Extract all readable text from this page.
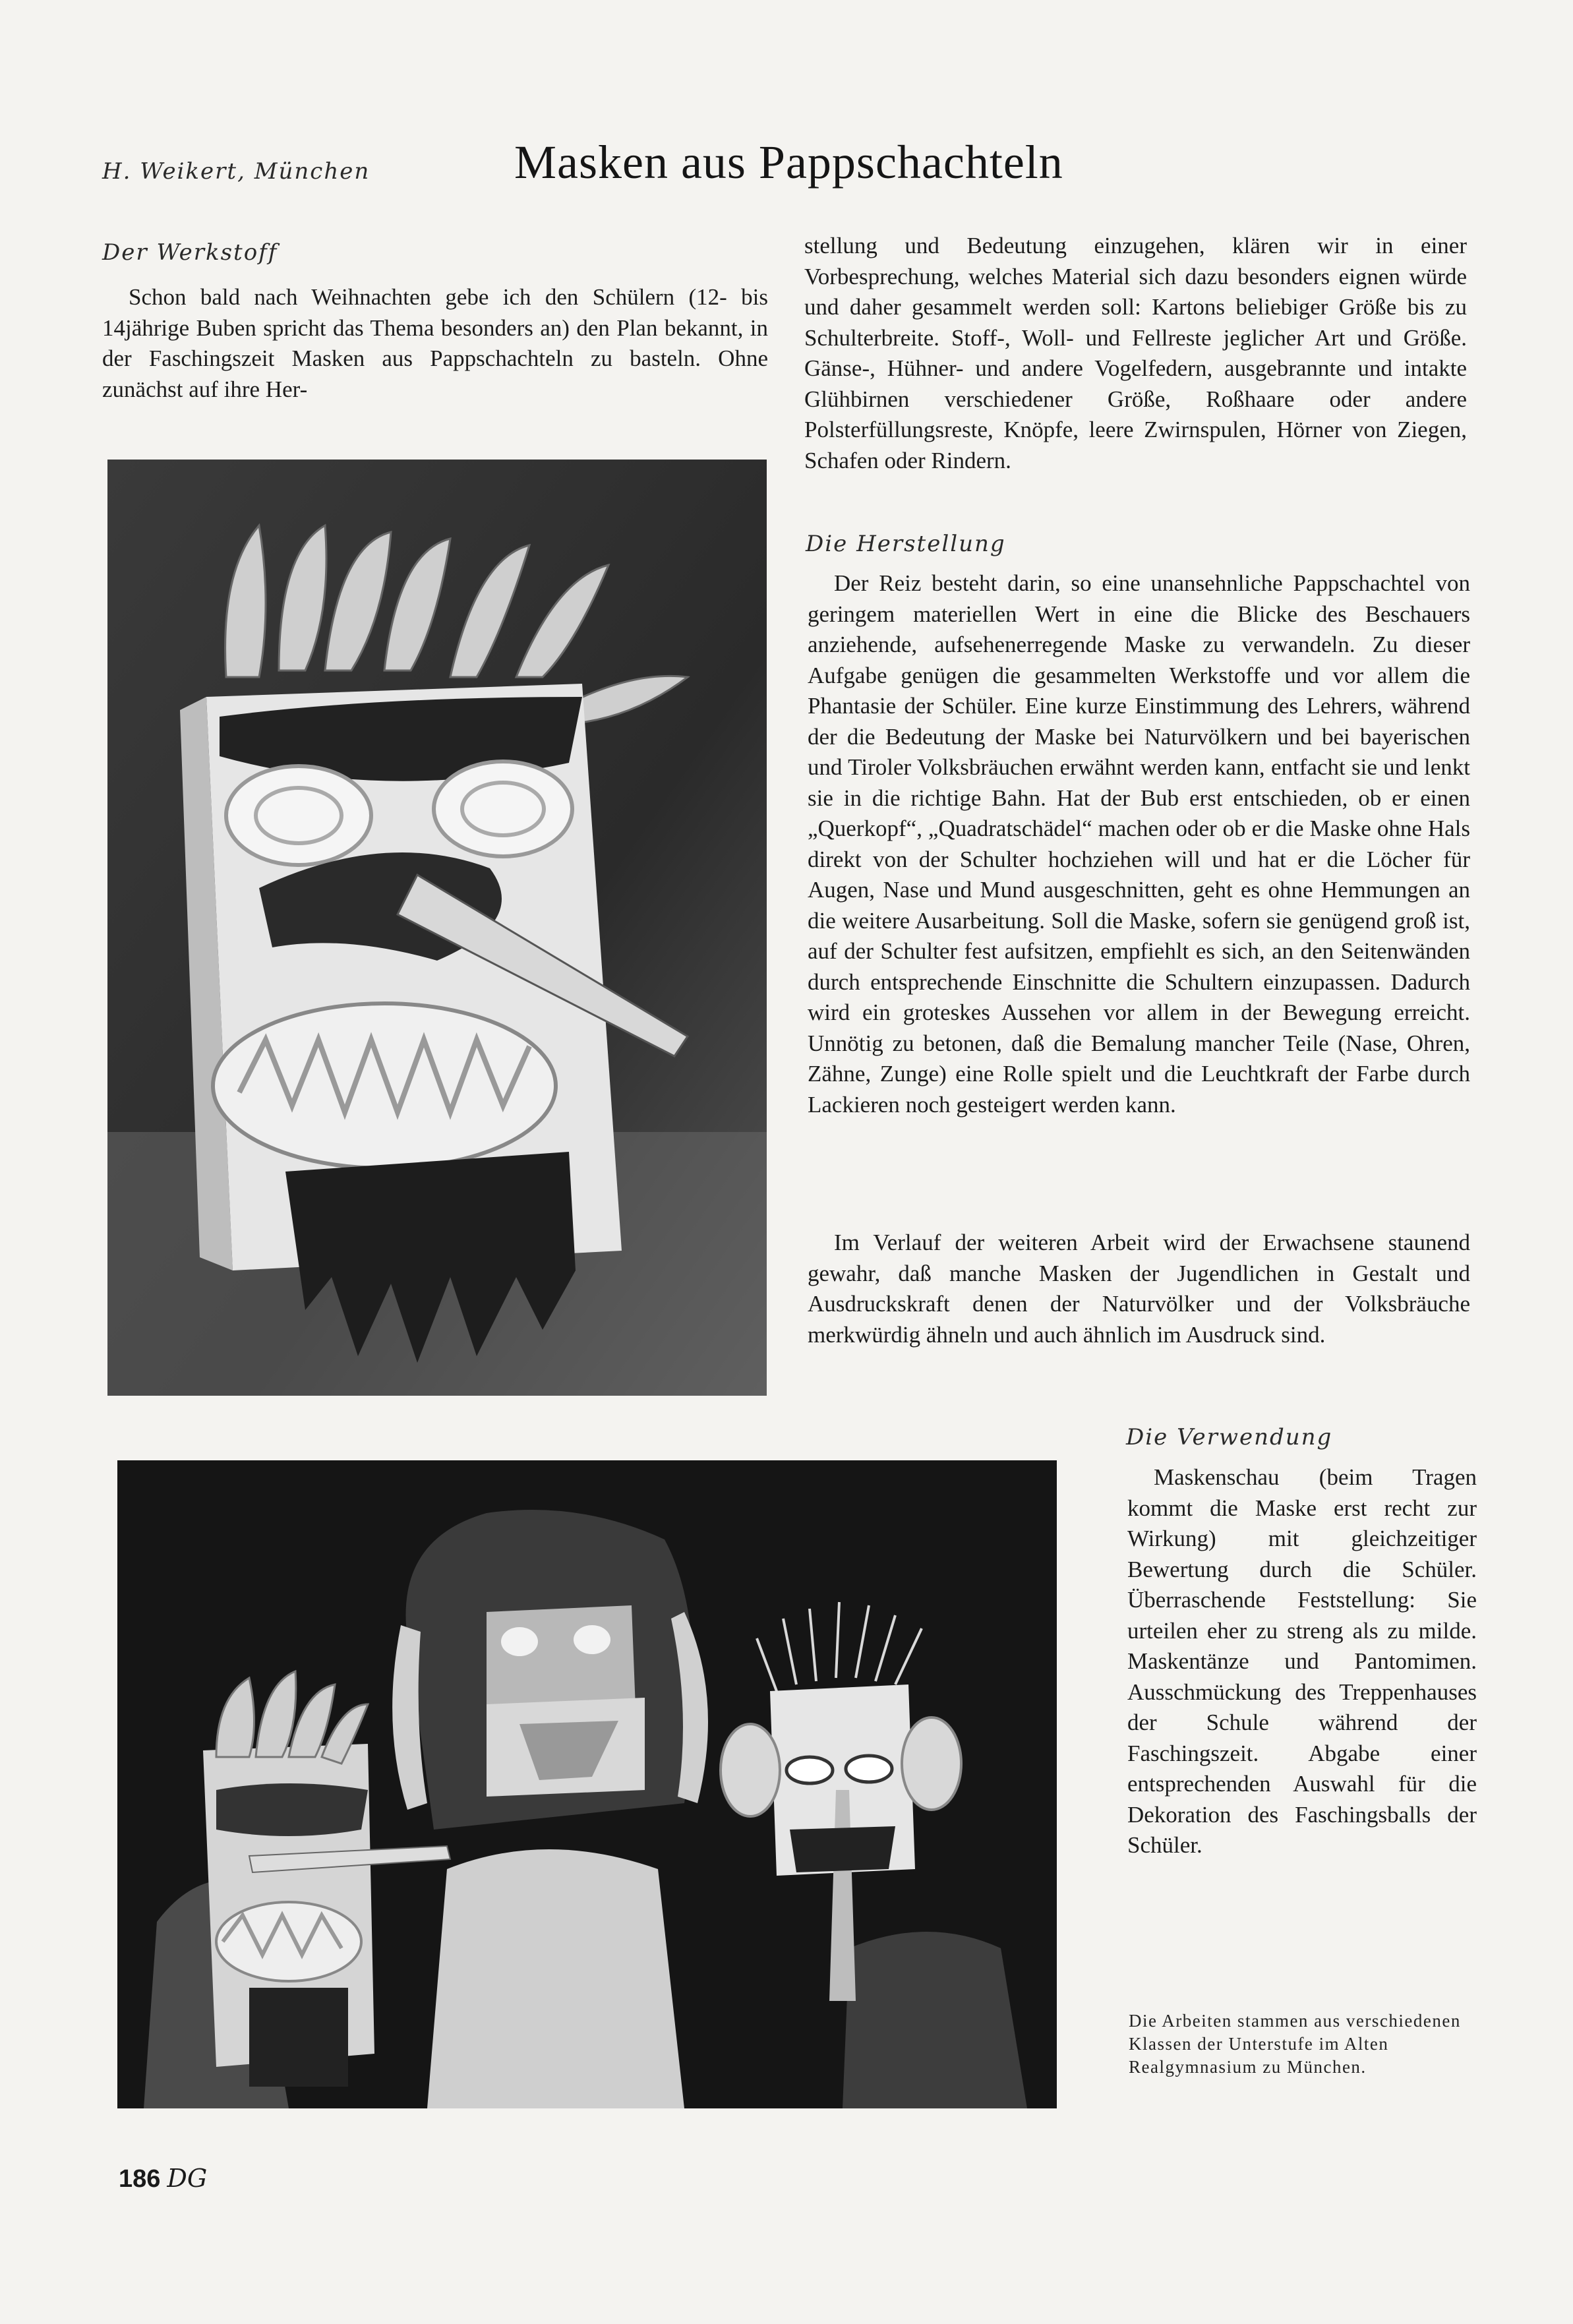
H. Weikert, München	Masken aus Pappschachteln
Der Werkstoff

Schon bald nach Weihnachten gebe ich den Schülern (12- bis 14jährige Buben spricht das Thema besonders an) den Plan bekannt, in der Faschingszeit Masken aus Pappschachteln zu basteln. Ohne zunächst auf ihre Her-

stellung und Bedeutung einzugehen, klären wir in einer Vorbesprechung, welches Material sich dazu besonders eignen würde und daher gesammelt werden soll: Kartons beliebiger Größe bis zu Schulterbreite. Stoff-, Woll- und Fellreste jeglicher Art und Größe. Gänse-, Hühner- und andere Vogelfedern, ausgebrannte und intakte Glühbirnen verschiedener Größe, Roßhaare oder andere Polsterfüllungsreste, Knöpfe, leere Zwirnspulen, Hörner von Ziegen, Schafen oder Rindern.

Die Herstellung

Der Reiz besteht darin, so eine unansehnliche Pappschachtel von geringem materiellen Wert in eine die Blicke des Beschauers anziehende, aufsehenerregende Maske zu verwandeln. Zu dieser Aufgabe genügen die gesammelten Werkstoffe und vor allem die Phantasie der Schüler. Eine kurze Einstimmung des Lehrers, während der die Bedeutung der Maske bei Naturvölkern und bei bayerischen und Tiroler Volksbräuchen erwähnt werden kann, entfacht sie und lenkt sie in die richtige Bahn. Hat der Bub erst entschieden, ob er einen „Querkopf“, „Quadratschädel“ machen oder ob er die Maske ohne Hals direkt von der Schulter hochziehen will und hat er die Löcher für Augen, Nase und Mund ausgeschnitten, geht es ohne Hemmungen an die weitere Ausarbeitung. Soll die Maske, sofern sie genügend groß ist, auf der Schulter fest aufsitzen, empfiehlt es sich, an den Seitenwänden durch entsprechende Einschnitte die Schultern einzupassen. Dadurch wird ein groteskes Aussehen vor allem in der Bewegung erreicht. Unnötig zu betonen, daß die Bemalung mancher Teile (Nase, Ohren, Zähne, Zunge) eine Rolle spielt und die Leuchtkraft der Farbe durch Lackieren noch gesteigert werden kann.

Im Verlauf der weiteren Arbeit wird der Erwachsene staunend gewahr, daß manche Masken der Jugendlichen in Gestalt und Ausdruckskraft denen der Naturvölker und der Volksbräuche merkwürdig ähneln und auch ähnlich im Ausdruck sind.

Die Verwendung

Maskenschau (beim Tragen kommt die Maske erst recht zur Wirkung) mit gleichzeitiger Bewertung durch die Schüler. Überraschende Feststellung: Sie urteilen eher zu streng als zu milde. Maskentänze und Pantomimen. Ausschmückung des Treppenhauses der Schule während der Faschingszeit. Abgabe einer entsprechenden Auswahl für die Dekoration des Faschingsballs der Schüler.

Die Arbeiten stammen aus verschiedenen Klassen der Unterstufe im Alten Realgymnasium zu München.
186 DG
